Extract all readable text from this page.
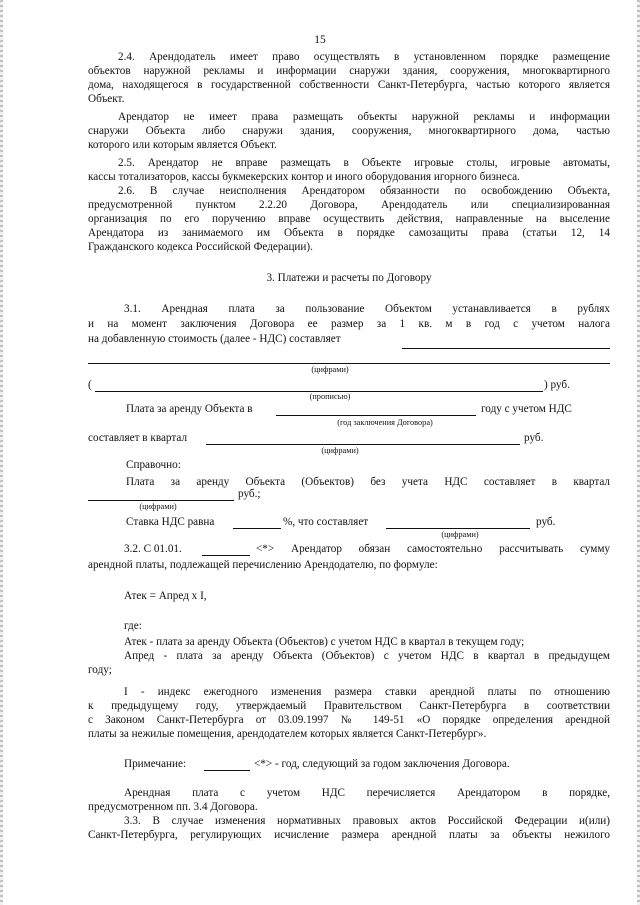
15
2.4. Арендодатель имеет право осуществлять в установленном порядке размещение
объектов наружной рекламы и информации снаружи здания, сооружения, многоквартирного
дома, находящегося в государственной собственности Санкт-Петербурга, частью которого является
Объект.
Арендатор не имеет права размещать объекты наружной рекламы и информации
снаружи Объекта либо снаружи здания, сооружения, многоквартирного дома, частью
которого или которым является Объект.
2.5. Арендатор не вправе размещать в Объекте игровые столы, игровые автоматы,
кассы тотализаторов, кассы букмекерских контор и иного оборудования игорного бизнеса.
2.6. В случае неисполнения Арендатором обязанности по освобождению Объекта,
предусмотренной пунктом 2.2.20 Договора, Арендодатель или специализированная
организация по его поручению вправе осуществить действия, направленные на выселение
Арендатора из занимаемого им Объекта в порядке самозащиты права (статьи 12, 14
Гражданского кодекса Российской Федерации).
3. Платежи и расчеты по Договору
3.1. Арендная плата за пользование Объектом устанавливается в рублях
и на момент заключения Договора ее размер за 1 кв. м в год с учетом налога
на добавленную стоимость (далее - НДС) составляет
(цифрами)
(	) руб.
(прописью)
Плата за аренду Объекта в	году с учетом НДС
(год заключения Договора)
составляет в квартал	руб.
(цифрами)
Справочно:
Плата за аренду Объекта (Объектов) без учета НДС составляет в квартал
руб.;
(цифрами)
Ставка НДС равна	%, что составляет	руб.
(цифрами)
3.2. С 01.01.	<*> Арендатор обязан самостоятельно рассчитывать сумму
арендной платы, подлежащей перечислению Арендодателю, по формуле:
Атек = Апред х I,
где:
Атек - плата за аренду Объекта (Объектов) с учетом НДС в квартал в текущем году;
Апред - плата за аренду Объекта (Объектов) с учетом НДС в квартал в предыдущем
году;
I - индекс ежегодного изменения размера ставки арендной платы по отношению
к предыдущему году, утверждаемый Правительством Санкт-Петербурга в соответствии
с Законом Санкт-Петербурга от 03.09.1997 № 149-51 «О порядке определения арендной
платы за нежилые помещения, арендодателем которых является Санкт-Петербург».
Примечание:	<*> - год, следующий за годом заключения Договора.
Арендная плата с учетом НДС перечисляется Арендатором в порядке,
предусмотренном пп. 3.4 Договора.
3.3. В случае изменения нормативных правовых актов Российской Федерации и(или)
Санкт-Петербурга, регулирующих исчисление размера арендной платы за объекты нежилого
